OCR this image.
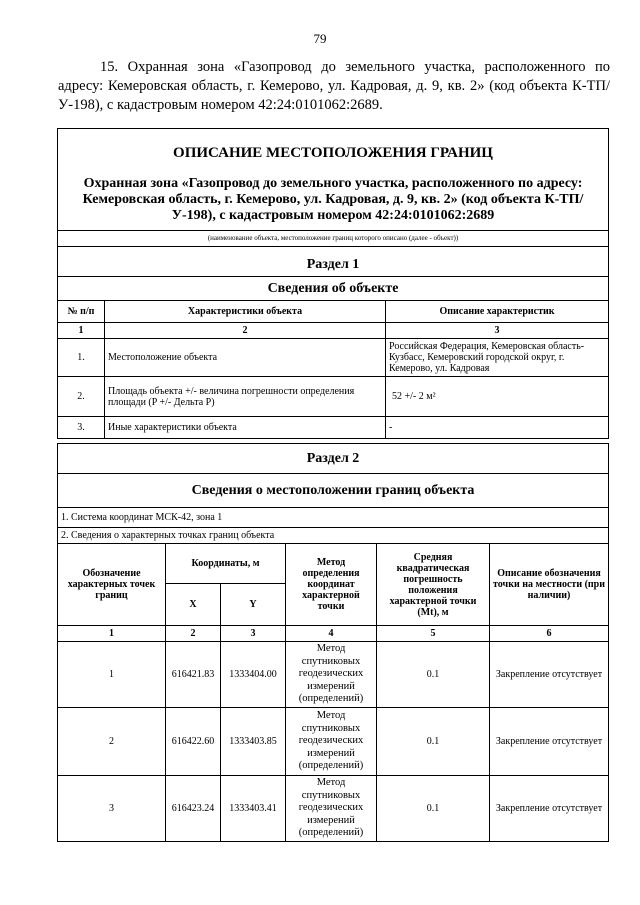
79
15. Охранная зона «Газопровод до земельного участка, расположенного по адресу: Кемеровская область, г. Кемерово, ул. Кадровая, д. 9, кв. 2» (код объекта К-ТП/У-198), с кадастровым номером 42:24:0101062:2689.
ОПИСАНИЕ МЕСТОПОЛОЖЕНИЯ ГРАНИЦ		
Охранная зона «Газопровод до земельного участка, расположенного по адресу: Кемеровская область, г. Кемерово, ул. Кадровая, д. 9, кв. 2» (код объекта К-ТП/У-198), с кадастровым номером 42:24:0101062:2689		
(наименование объекта, местоположение границ которого описано (далее - объект))		

Раздел 1		
Сведения об объекте		
№ п/п	Характеристики объекта	Описание характеристик
1	2	3
1.	Местоположение объекта	Российская Федерация, Кемеровская область-Кузбасс, Кемеровский городской округ, г. Кемерово, ул. Кадровая
2.	Площадь объекта +/- величина погрешности определения площади (P +/- Дельта P)	52 +/- 2 м²
3.	Иные характеристики объекта	-
Раздел 2					
Сведения о местоположении границ объекта					
1. Система координат МСК-42, зона 1					
2. Сведения о характерных точках границ объекта					
Обозначение характерных точек границ	Координаты, м		Метод определения координат характерной точки	Средняя квадратическая погрешность положения характерной точки (Mt), м	Описание обозначения точки на местности (при наличии)
	X	Y			
1	2	3	4	5	6
1	616421.83	1333404.00	Метод спутниковых геодезических измерений (определений)	0.1	Закрепление отсутствует
2	616422.60	1333403.85	Метод спутниковых геодезических измерений (определений)	0.1	Закрепление отсутствует
3	616423.24	1333403.41	Метод спутниковых геодезических измерений (определений)	0.1	Закрепление отсутствует
